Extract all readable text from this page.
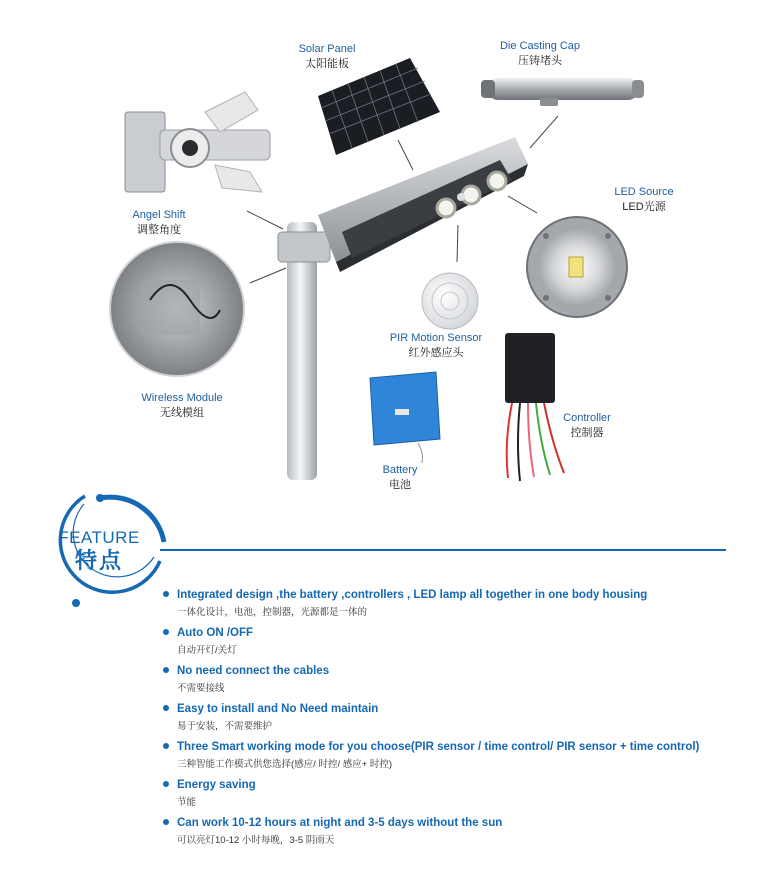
Solar Panel
太阳能板
Die Casting Cap
压铸堵头
LED Source
LED光源
Angel Shift
调整角度
PIR Motion Sensor
红外感应头
Wireless Module
无线模组	Controller
控制器
Battery
电池
FEATURE
特点
Integrated design ,the battery ,controllers , LED lamp all together in one body housing
一体化设计，电池，控制器，光源都是一体的
Auto ON /OFF
自动开灯/关灯
No need connect the cables
不需要接线
Easy to install and No Need maintain
易于安装，不需要维护
Three Smart working mode for you choose(PIR sensor / time control/ PIR sensor + time control)
三种智能工作模式供您选择(感应/ 时控/ 感应+ 时控)
Energy saving
节能
Can work 10-12 hours at night and 3-5 days without the sun
可以亮灯10-12 小时每晚，3-5 阴雨天
